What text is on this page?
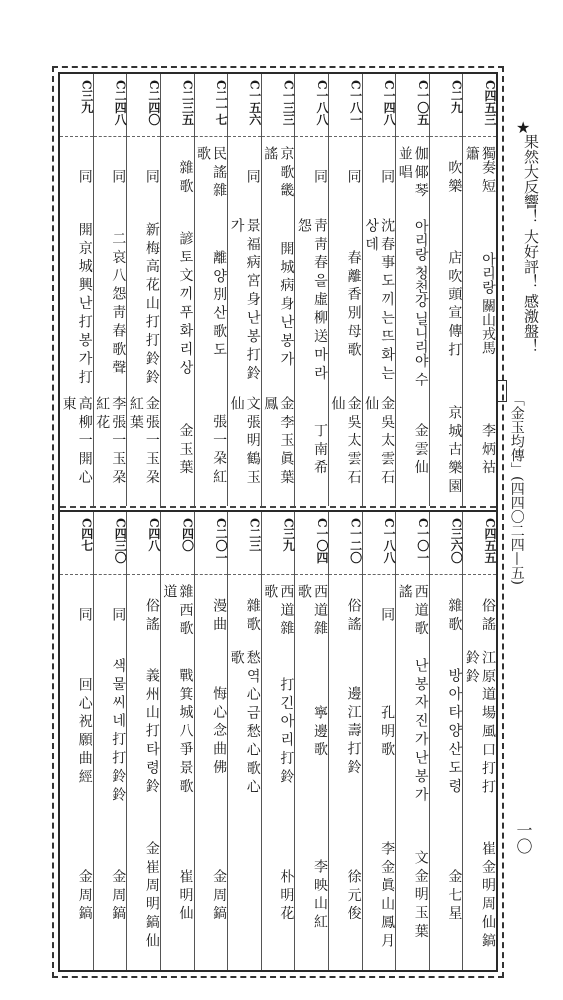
C四五三
獨奏 短簫
아리랑 關山戎馬
李 炳 祜
C二九
吹 樂
店 吹 頭 宣 傳 打
京 城 古 樂 園
C一〇五
伽 倻 琴 並 唱
아리랑 청천강 닐니리야 수
金 雲 仙
C一四八
同
沈 春 事 도 끼 는 뜨 화 는 상 데
金 吳 太 雲 石 仙
C一八一
同
春 離 香 別 母 歌
金 吳 太 雲 石 仙
C一八八
同
靑 靑 春 을 虛 柳 送 마 라 怨
丁 南 希
C一三三
京 歌 畿 謠
開 城 病 身 난 봉 가
金 李 玉 眞 葉 鳳
C一五六
同
景 福 病 宮 身 난 봉 打 鈴 가
文 張 明 鶴 玉 仙
C二一七
民 謠 雜 歌
離 양 別 산 歌 도
張 一 朶 紅
C二三五
雜 歌
諺 토 文 끼 푸 화 리 상
金 玉 葉
C二四〇
同
新 梅 高 花 山 打 打 鈴 鈴
金 張 一 玉 朶 紅 葉
C二四八
同
二 哀 八 怨 靑 春 歌 聲
李 張 一 玉 朶 紅 花
C三九
同
開 京 城 興 난 打 봉 가 打
高 柳 一 開 心 東
C四五五
俗 謠
江 原 道 場 風 口 打 打 鈴 鈴
崔 金 明 周 仙 鎬
C三六〇
雜 歌
방 아 타 양 산 도 령
金 七 星
C一〇一
西 道 歌 謠
난 봉 자 진 가 난 봉 가
文 金 明 玉 葉
C一八八
同
孔 明 歌
李 金 眞 山 鳳 月
C一二〇
俗 謠
邊 江 壽 打 鈴
徐 元 俊
C一〇四
西 道 雜 歌
寧 邊 歌
李 映 山 紅
C三九
西 道 雜 歌
打 긴 아 리 打 鈴
朴 明 花
C二三
雜 歌
愁 역 心 금 愁 心 歌 心 歌
C二〇一
漫 曲
悔 心 念 曲 佛
金 周 鎬
C四〇
雜 西 歌 道
戰 箕 城 八 爭 景 歌
崔 明 仙
C四八
俗 謠
義 州 山 打 타 령 鈴
金 崔 周 明 鎬 仙
C四三〇
同
색 물 씨 네 打 打 鈴 鈴
金 周 鎬
C四七
同
回 心 祝 願 曲 經
金 周 鎬
果然大反響！ 大好評！ 感激盤！
「金玉均傳」(四四〇二四—五)
★
一〇
